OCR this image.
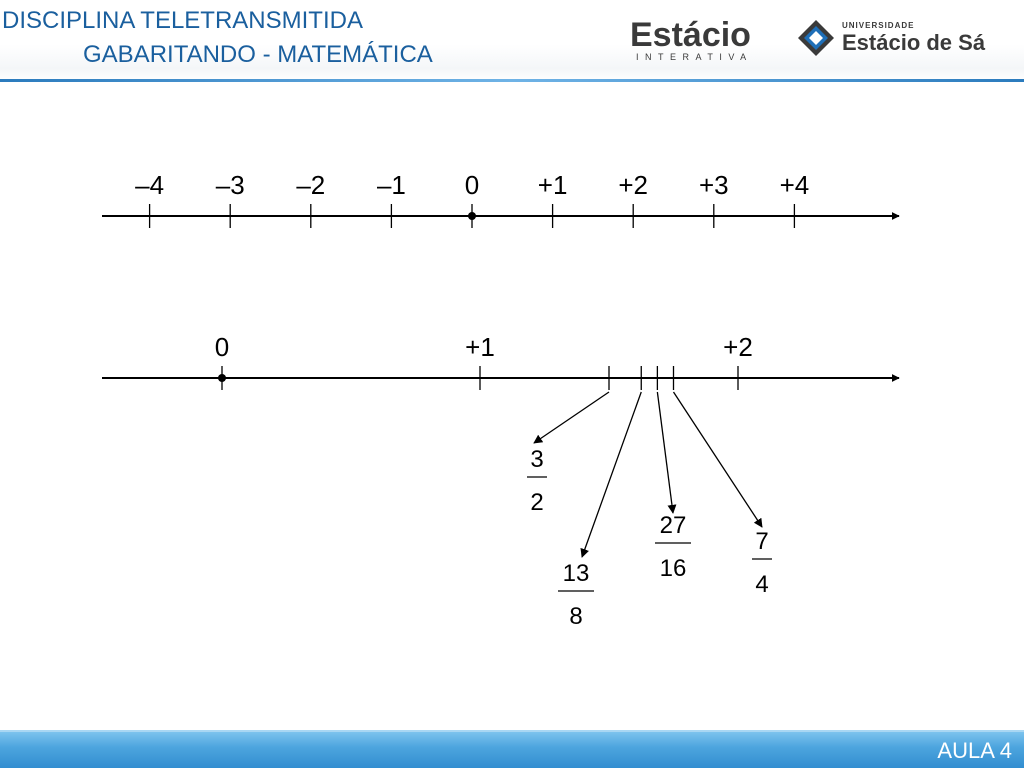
DISCIPLINA TELETRANSMITIDA
GABARITANDO - MATEMÁTICA
Estácio
INTERATIVA
UNIVERSIDADE
Estácio de Sá
–4 –3 –2 –1 0 +1 +2 +3 +4
0	+1	+2
3
2
13
8
27
16
7
4
AULA 4
